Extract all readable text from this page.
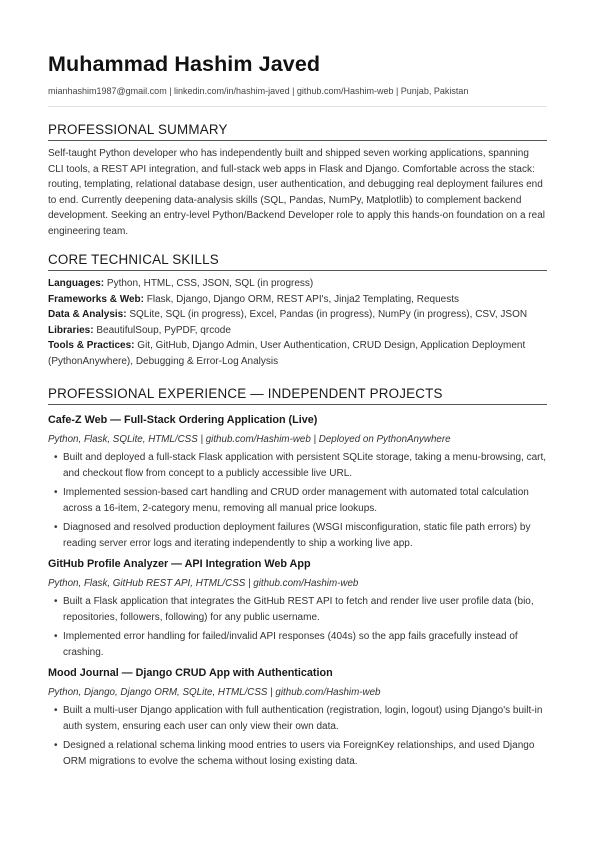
Muhammad Hashim Javed
mianhashim1987@gmail.com | linkedin.com/in/hashim-javed | github.com/Hashim-web | Punjab, Pakistan
PROFESSIONAL SUMMARY

Self-taught Python developer who has independently built and shipped seven working applications, spanning CLI tools, a REST API integration, and full-stack web apps in Flask and Django. Comfortable across the stack: routing, templating, relational database design, user authentication, and debugging real deployment failures end to end. Currently deepening data-analysis skills (SQL, Pandas, NumPy, Matplotlib) to complement backend development. Seeking an entry-level Python/Backend Developer role to apply this hands-on foundation on a real engineering team.

CORE TECHNICAL SKILLS
Languages: Python, HTML, CSS, JSON, SQL (in progress)
Frameworks & Web: Flask, Django, Django ORM, REST API's, Jinja2 Templating, Requests
Data & Analysis: SQLite, SQL (in progress), Excel, Pandas (in progress), NumPy (in progress), CSV, JSON
Libraries: BeautifulSoup, PyPDF, qrcode
Tools & Practices: Git, GitHub, Django Admin, User Authentication, CRUD Design, Application Deployment (PythonAnywhere), Debugging & Error-Log Analysis
PROFESSIONAL EXPERIENCE — INDEPENDENT PROJECTS
Cafe-Z Web — Full-Stack Ordering Application (Live)
Python, Flask, SQLite, HTML/CSS | github.com/Hashim-web | Deployed on PythonAnywhere
• Built and deployed a full-stack Flask application with persistent SQLite storage, taking a menu-browsing, cart, and checkout flow from concept to a publicly accessible live URL.
• Implemented session-based cart handling and CRUD order management with automated total calculation across a 16-item, 2-category menu, removing all manual price lookups.
• Diagnosed and resolved production deployment failures (WSGI misconfiguration, static file path errors) by reading server error logs and iterating independently to ship a working live app.
GitHub Profile Analyzer — API Integration Web App
Python, Flask, GitHub REST API, HTML/CSS | github.com/Hashim-web
• Built a Flask application that integrates the GitHub REST API to fetch and render live user profile data (bio, repositories, followers, following) for any public username.
• Implemented error handling for failed/invalid API responses (404s) so the app fails gracefully instead of crashing.
Mood Journal — Django CRUD App with Authentication
Python, Django, Django ORM, SQLite, HTML/CSS | github.com/Hashim-web
• Built a multi-user Django application with full authentication (registration, login, logout) using Django's built-in auth system, ensuring each user can only view their own data.
• Designed a relational schema linking mood entries to users via ForeignKey relationships, and used Django ORM migrations to evolve the schema without losing existing data.
